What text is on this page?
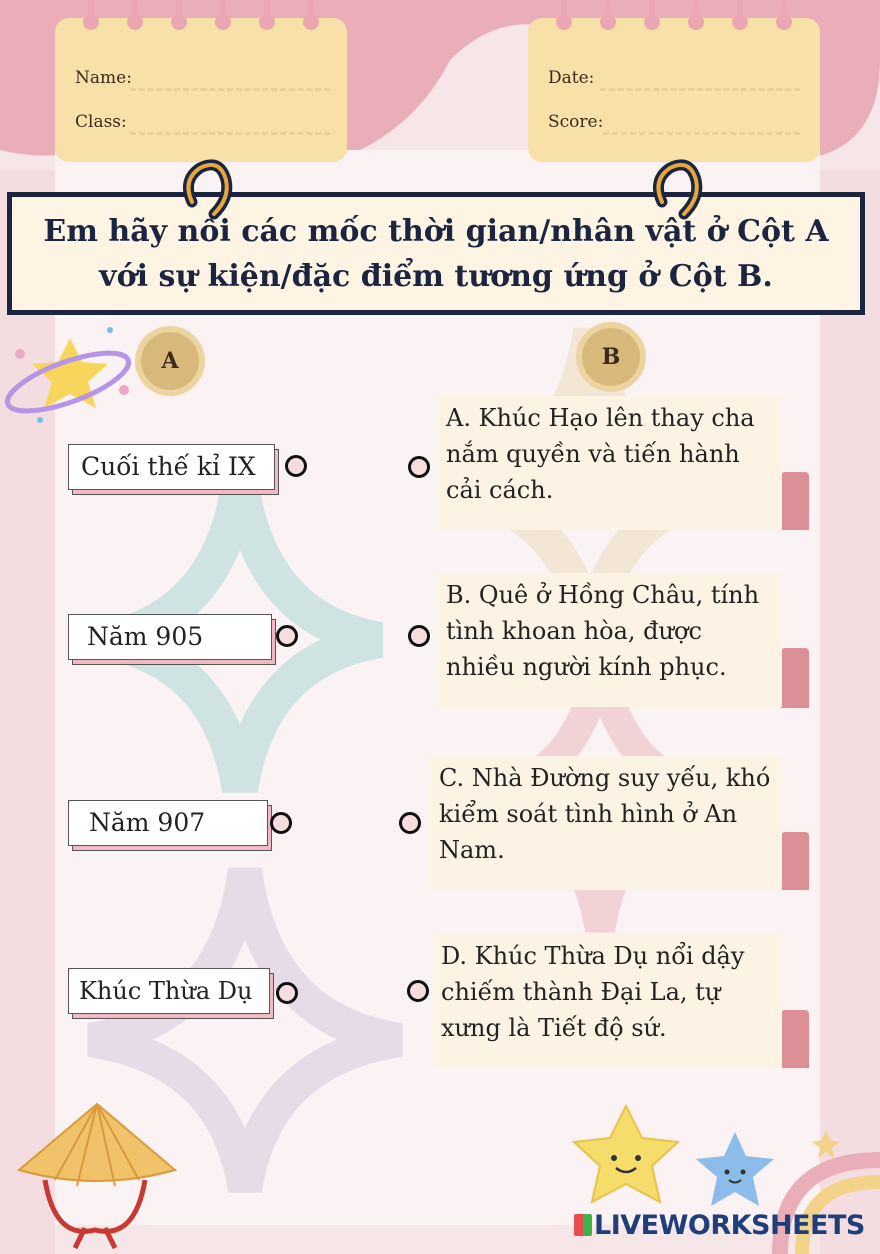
Name:
Class:
Date:
Score:
Em hãy nối các mốc thời gian/nhân vật ở Cột A với sự kiện/đặc điểm tương ứng ở Cột B.
A	B
Cuối thế kỉ IX
Năm 905
Năm 907
Khúc Thừa Dụ
A. Khúc Hạo lên thay cha nắm quyền và tiến hành cải cách.
B. Quê ở Hồng Châu, tính tình khoan hòa, được nhiều người kính phục.
C. Nhà Đường suy yếu, khó kiểm soát tình hình ở An Nam.
D. Khúc Thừa Dụ nổi dậy chiếm thành Đại La, tự xưng là Tiết độ sứ.
LIVEWORKSHEETS
